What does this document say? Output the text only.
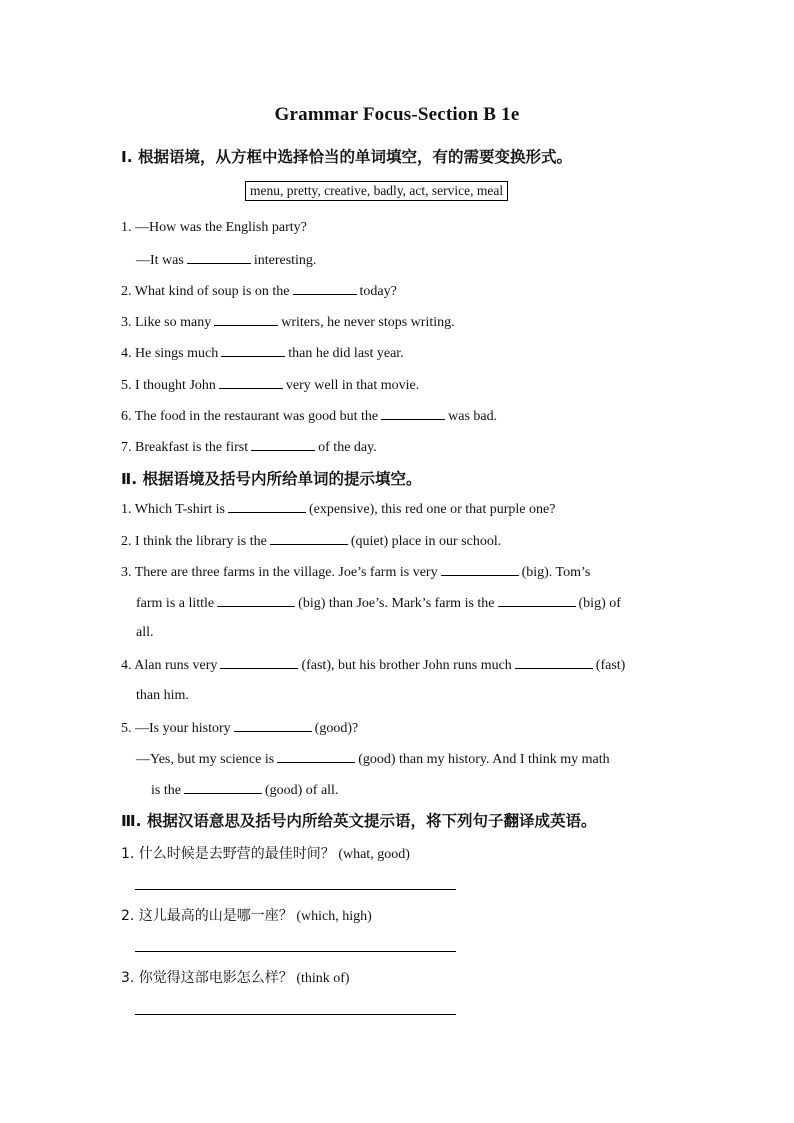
Grammar Focus-Section B 1e
Ⅰ. 根据语境，从方框中选择恰当的单词填空，有的需要变换形式。
menu, pretty, creative, badly, act, service, meal
1. —How was the English party?
—It was	interesting.
2. What kind of soup is on the	today?
3. Like so many	writers, he never stops writing.
4. He sings much	than he did last year.
5. I thought John	very well in that movie.
6. The food in the restaurant was good but the	was bad.
7. Breakfast is the first	of the day.
Ⅱ. 根据语境及括号内所给单词的提示填空。
1. Which T-shirt is	(expensive), this red one or that purple one?
2. I think the library is the	(quiet) place in our school.
3. There are three farms in the village. Joe’s farm is very	(big). Tom’s
farm is a little	(big) than Joe’s. Mark’s farm is the	(big) of
all.
4. Alan runs very	(fast), but his brother John runs much	(fast)
than him.
5. —Is your history	(good)?
—Yes, but my science is	(good) than my history. And I think my math
is the	(good) of all.
Ⅲ. 根据汉语意思及括号内所给英文提示语，将下列句子翻译成英语。
1. 什么时候是去野营的最佳时间？ (what, good)
2. 这儿最高的山是哪一座？ (which, high)
3. 你觉得这部电影怎么样？ (think of)
